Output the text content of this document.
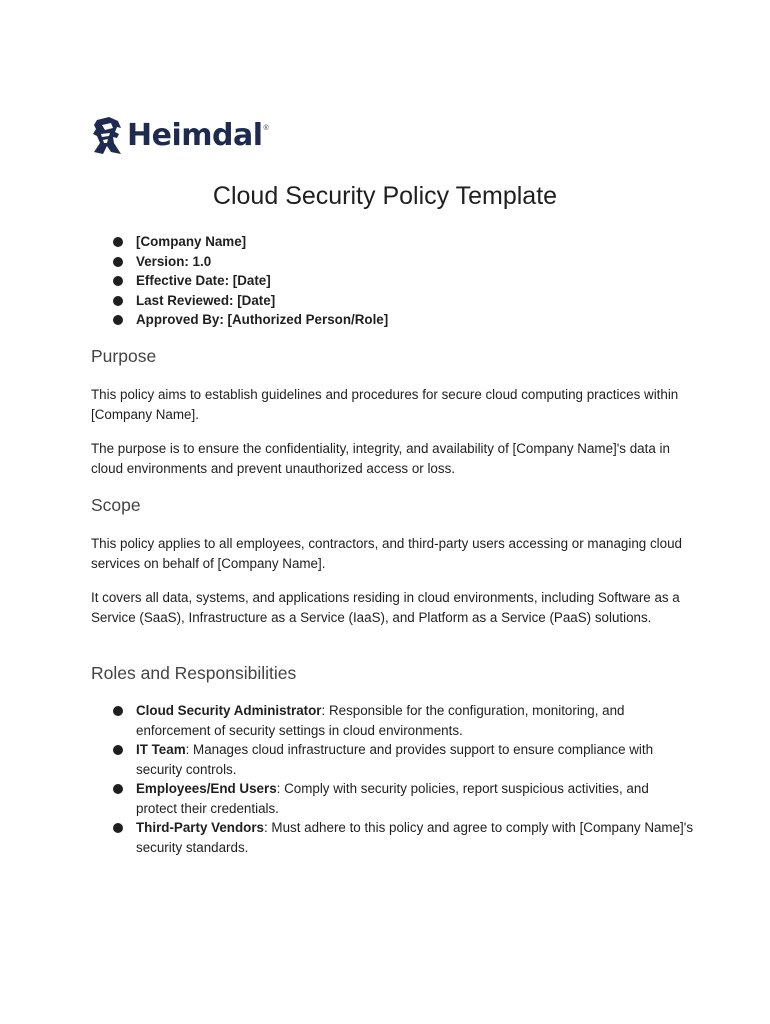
Heimdal ®
Cloud Security Policy Template
[Company Name]
Version: 1.0
Effective Date: [Date]
Last Reviewed: [Date]
Approved By: [Authorized Person/Role]
Purpose

This policy aims to establish guidelines and procedures for secure cloud computing practices within [Company Name].

The purpose is to ensure the confidentiality, integrity, and availability of [Company Name]'s data in cloud environments and prevent unauthorized access or loss.

Scope

This policy applies to all employees, contractors, and third-party users accessing or managing cloud services on behalf of [Company Name].

It covers all data, systems, and applications residing in cloud environments, including Software as a Service (SaaS), Infrastructure as a Service (IaaS), and Platform as a Service (PaaS) solutions.

Roles and Responsibilities
Cloud Security Administrator: Responsible for the configuration, monitoring, and enforcement of security settings in cloud environments.
IT Team: Manages cloud infrastructure and provides support to ensure compliance with security controls.
Employees/End Users: Comply with security policies, report suspicious activities, and protect their credentials.
Third-Party Vendors: Must adhere to this policy and agree to comply with [Company Name]'s security standards.
